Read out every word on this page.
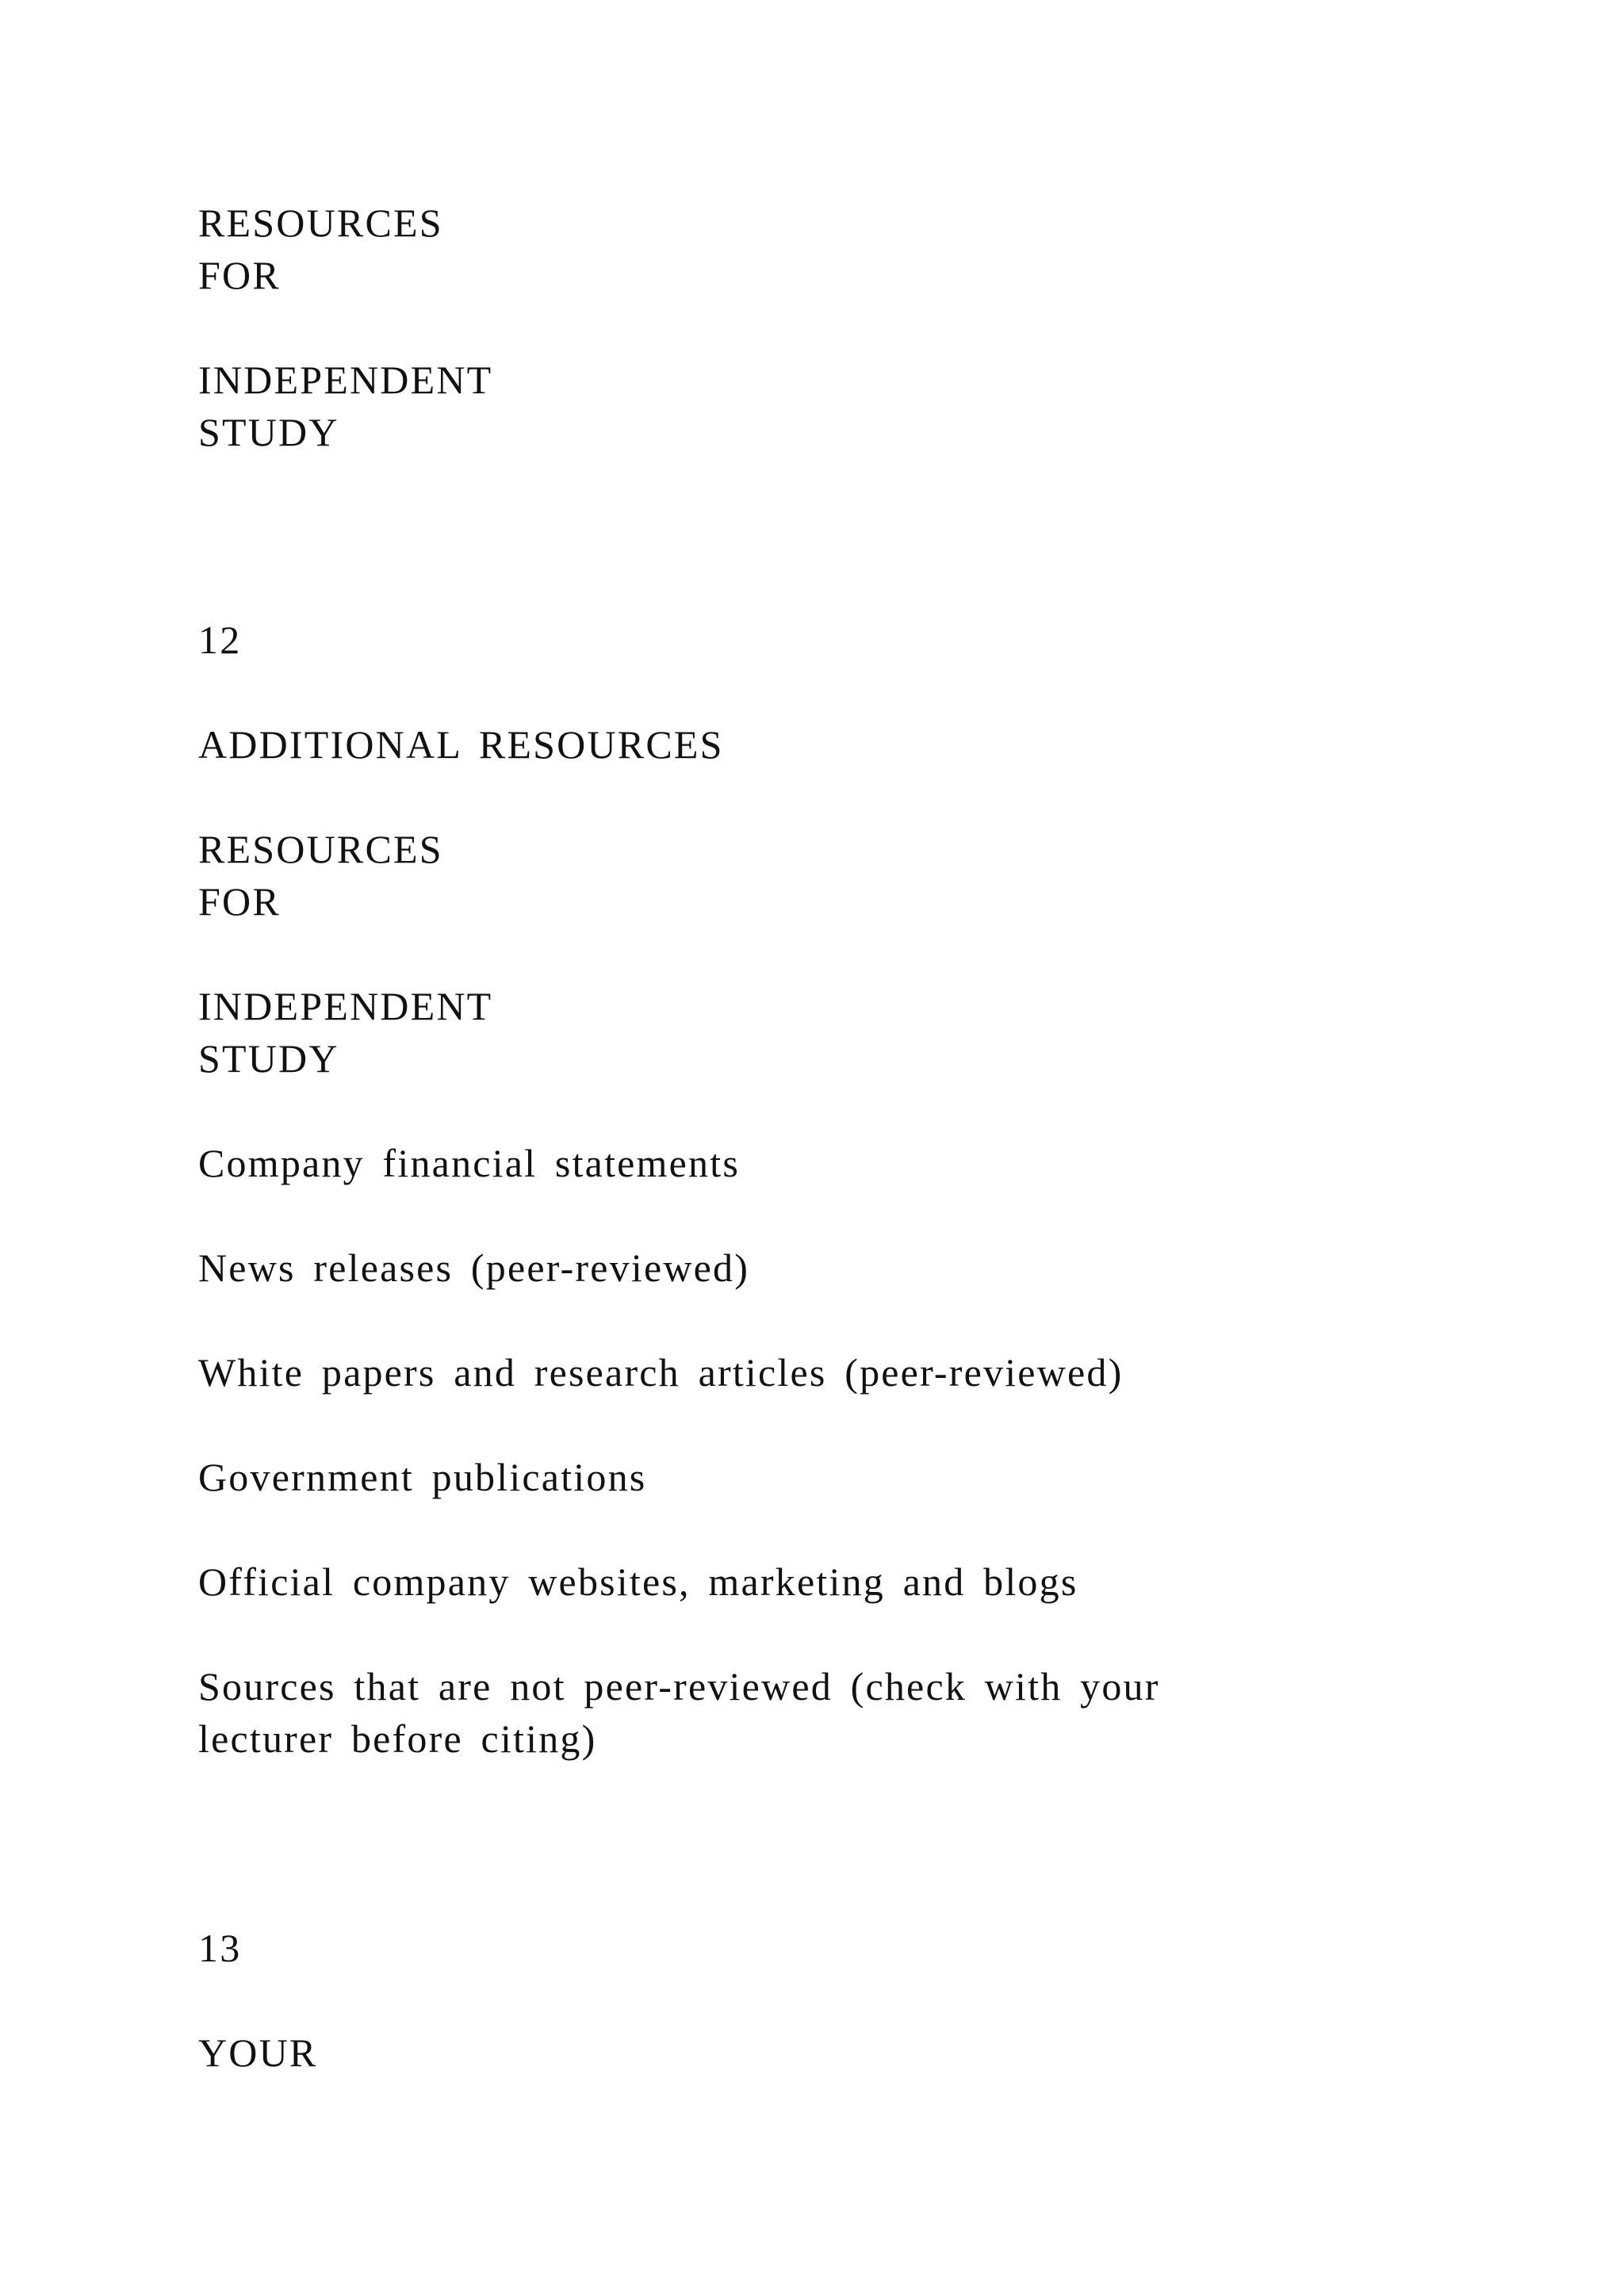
RESOURCES

FOR

INDEPENDENT

STUDY

12

ADDITIONAL RESOURCES

RESOURCES

FOR

INDEPENDENT

STUDY

Company financial statements

News releases (peer-reviewed)

White papers and research articles (peer-reviewed)

Government publications

Official company websites, marketing and blogs

Sources that are not peer-reviewed (check with your

lecturer before citing)

13

YOUR
